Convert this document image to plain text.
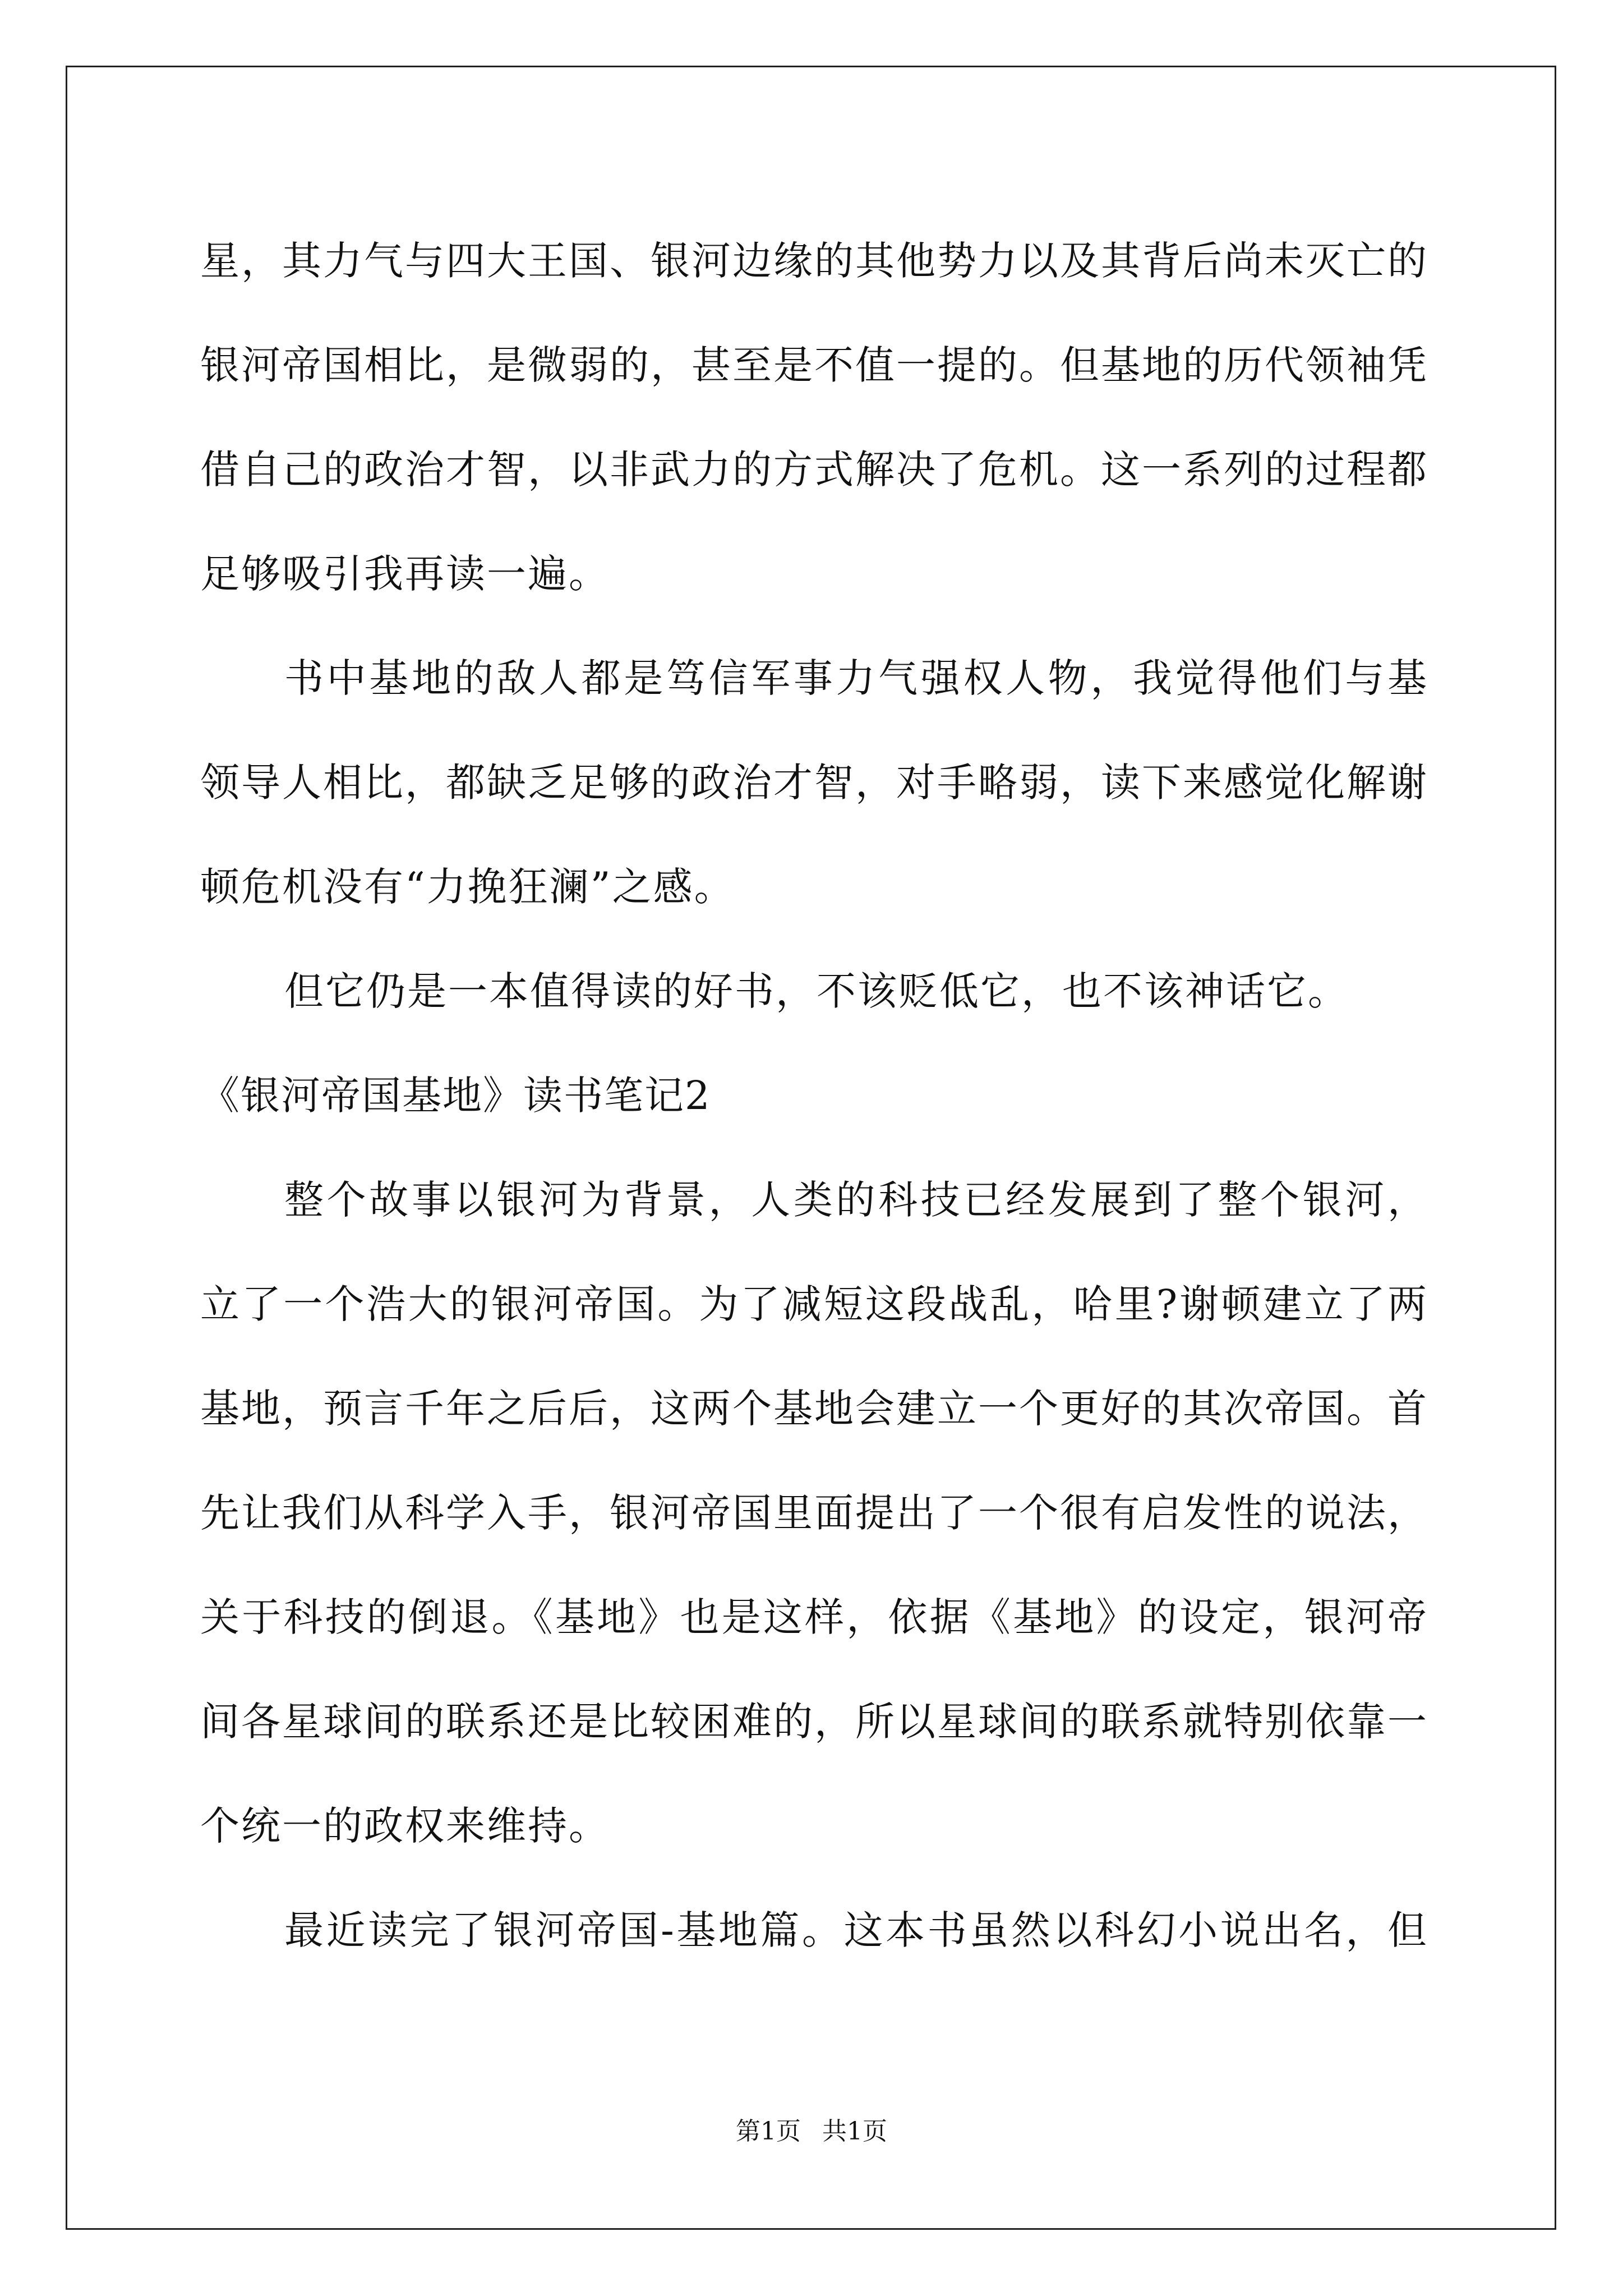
星，其力气与四大王国、银河边缘的其他势力以及其背后尚未灭亡的

银河帝国相比，是微弱的，甚至是不值一提的。但基地的历代领袖凭

借自己的政治才智，以非武力的方式解决了危机。这一系列的过程都

足够吸引我再读一遍。

书中基地的敌人都是笃信军事力气强权人物，我觉得他们与基

领导人相比，都缺乏足够的政治才智，对手略弱，读下来感觉化解谢

顿危机没有“力挽狂澜”之感。

但它仍是一本值得读的好书，不该贬低它，也不该神话它。

《银河帝国基地》读书笔记2

整个故事以银河为背景，人类的科技已经发展到了整个银河，

立了一个浩大的银河帝国。为了减短这段战乱，哈里?谢顿建立了两

基地，预言千年之后后，这两个基地会建立一个更好的其次帝国。首

先让我们从科学入手，银河帝国里面提出了一个很有启发性的说法，

关于科技的倒退。《基地》也是这样，依据《基地》的设定，银河帝

间各星球间的联系还是比较困难的，所以星球间的联系就特别依靠一

个统一的政权来维持。

最近读完了银河帝国-基地篇。这本书虽然以科幻小说出名，但

第1页 共1页
